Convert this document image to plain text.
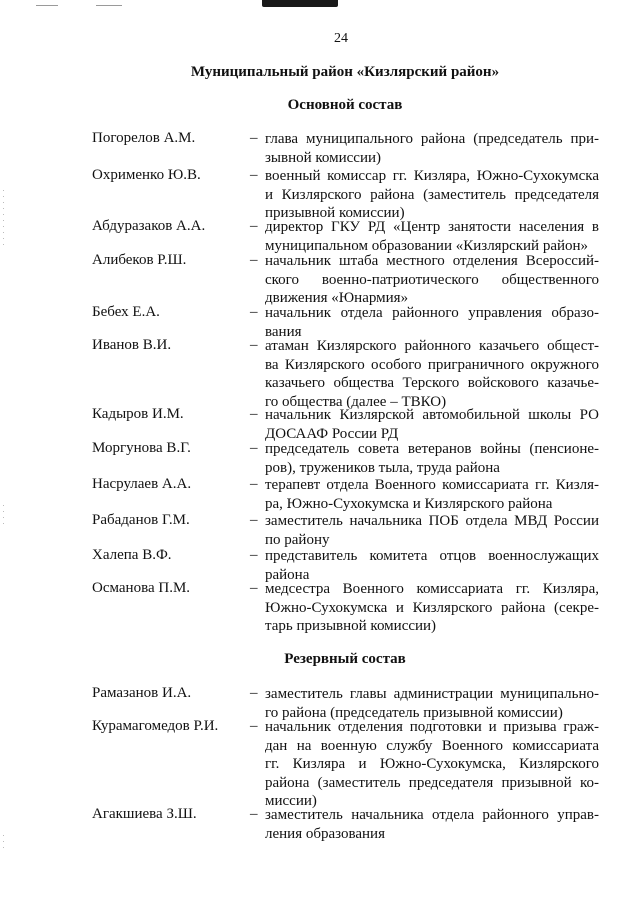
24
Муниципальный район «Кизлярский район»
Основной состав
Погорелов А.М.	– глава муниципального района (председатель при-
зывной комиссии)
Охрименко Ю.В.	– военный комиссар гг. Кизляра, Южно-Сухокумска
и Кизлярского района (заместитель председателя
призывной комиссии)
Абдуразаков А.А.	– директор ГКУ РД «Центр занятости населения в
муниципальном образовании «Кизлярский район»
Алибеков Р.Ш.	– начальник штаба местного отделения Всероссий-
ского военно-патриотического общественного
движения «Юнармия»
Бебех Е.А.	– начальник отдела районного управления образо-
вания
Иванов В.И.	– атаман Кизлярского районного казачьего общест-
ва Кизлярского особого приграничного окружного
казачьего общества Терского войскового казачье-
го общества (далее – ТВКО)
Кадыров И.М.	– начальник Кизлярской автомобильной школы РО
ДОСААФ России РД
Моргунова В.Г.	– председатель совета ветеранов войны (пенсионе-
ров), тружеников тыла, труда района
Насрулаев А.А.	– терапевт отдела Военного комиссариата гг. Кизля-
ра, Южно-Сухокумска и Кизлярского района
Рабаданов Г.М.	– заместитель начальника ПОБ отдела МВД России
по району
Халепа В.Ф.	– представитель комитета отцов военнослужащих
района
Османова П.М.	– медсестра Военного комиссариата гг. Кизляра,
Южно-Сухокумска и Кизлярского района (секре-
тарь призывной комиссии)
Резервный состав
Рамазанов И.А.	– заместитель главы администрации муниципально-
го района (председатель призывной комиссии)
Курамагомедов Р.И. – начальник отделения подготовки и призыва граж-
дан на военную службу Военного комиссариата
гг. Кизляра и Южно-Сухокумска, Кизлярского
района (заместитель председателя призывной ко-
миссии)
Агакшиева З.Ш.	– заместитель начальника отдела районного управ-
ления образования
